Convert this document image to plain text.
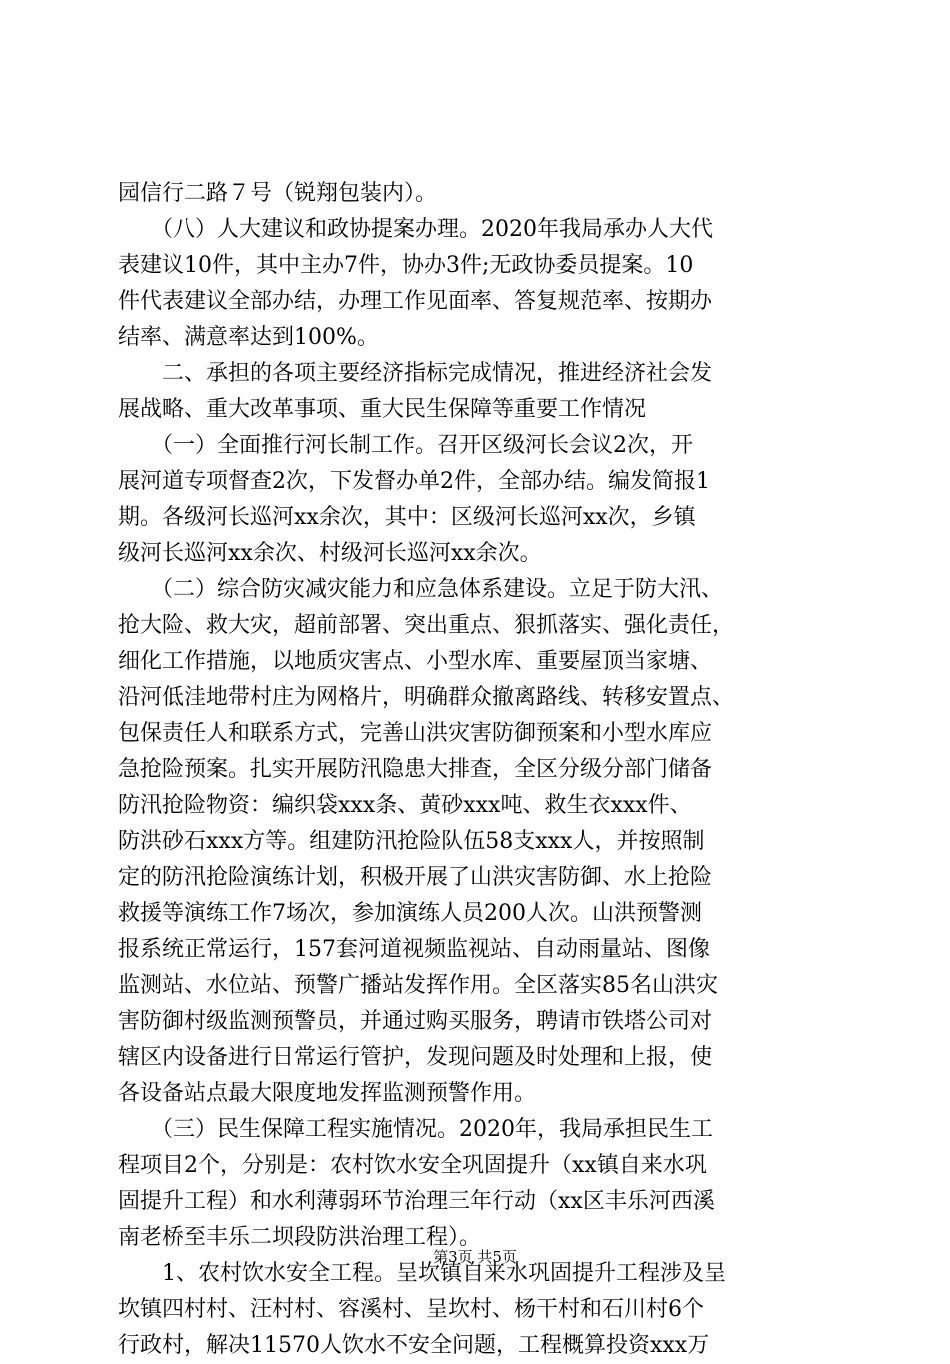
园信行二路７号（锐翔包装内）。
　　（八）人大建议和政协提案办理。2020年我局承办人大代
表建议10件，其中主办7件，协办3件;无政协委员提案。10
件代表建议全部办结，办理工作见面率、答复规范率、按期办
结率、满意率达到100%。
　　二、承担的各项主要经济指标完成情况，推进经济社会发
展战略、重大改革事项、重大民生保障等重要工作情况
　　（一）全面推行河长制工作。召开区级河长会议2次，开
展河道专项督查2次，下发督办单2件，全部办结。编发简报1
期。各级河长巡河xx余次，其中：区级河长巡河xx次，乡镇
级河长巡河xx余次、村级河长巡河xx余次。
　　（二）综合防灾减灾能力和应急体系建设。立足于防大汛、
抢大险、救大灾，超前部署、突出重点、狠抓落实、强化责任，
细化工作措施，以地质灾害点、小型水库、重要屋顶当家塘、
沿河低洼地带村庄为网格片，明确群众撤离路线、转移安置点、
包保责任人和联系方式，完善山洪灾害防御预案和小型水库应
急抢险预案。扎实开展防汛隐患大排查，全区分级分部门储备
防汛抢险物资：编织袋xxx条、黄砂xxx吨、救生衣xxx件、
防洪砂石xxx方等。组建防汛抢险队伍58支xxx人，并按照制
定的防汛抢险演练计划，积极开展了山洪灾害防御、水上抢险
救援等演练工作7场次，参加演练人员200人次。山洪预警测
报系统正常运行，157套河道视频监视站、自动雨量站、图像
监测站、水位站、预警广播站发挥作用。全区落实85名山洪灾
害防御村级监测预警员，并通过购买服务，聘请市铁塔公司对
辖区内设备进行日常运行管护，发现问题及时处理和上报，使
各设备站点最大限度地发挥监测预警作用。
　　（三）民生保障工程实施情况。2020年，我局承担民生工
程项目2个，分别是：农村饮水安全巩固提升（xx镇自来水巩
固提升工程）和水利薄弱环节治理三年行动（xx区丰乐河西溪
南老桥至丰乐二坝段防洪治理工程）。
　　1、农村饮水安全工程。呈坎镇自来水巩固提升工程涉及呈
坎镇四村村、汪村村、容溪村、呈坎村、杨干村和石川村6个
行政村，解决11570人饮水不安全问题，工程概算投资xxx万
第3页 共5页
